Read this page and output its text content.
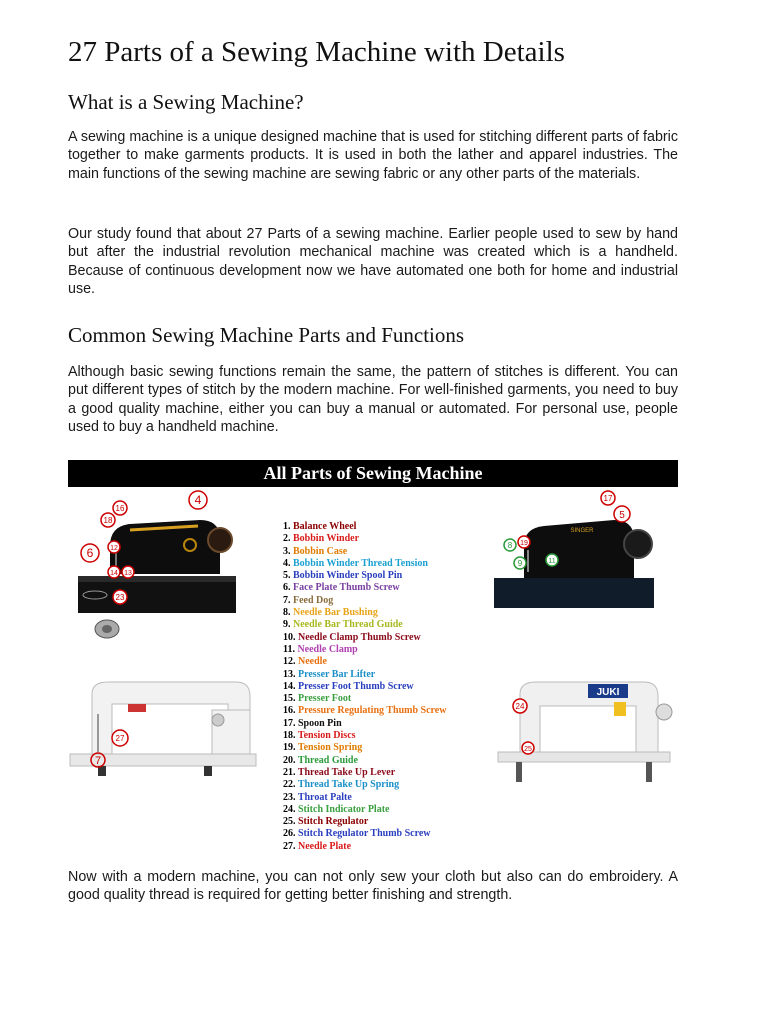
27 Parts of a Sewing Machine with Details
What is a Sewing Machine?

A sewing machine is a unique designed machine that is used for stitching different parts of fabric together to make garments products. It is used in both the lather and apparel industries. The main functions of the sewing machine are sewing fabric or any other parts of the materials.

Our study found that about 27 Parts of a sewing machine. Earlier people used to sew by hand but after the industrial revolution mechanical machine was created which is a handheld. Because of continuous development now we have automated one both for home and industrial use.

Common Sewing Machine Parts and Functions

Although basic sewing functions remain the same, the pattern of stitches is different. You can put different types of stitch by the modern machine. For well-finished garments, you need to buy a good quality machine, either you can buy a manual or automated. For personal use, people used to buy a handheld machine.

Now with a modern machine, you can not only sew your cloth but also can do embroidery. A good quality thread is required for getting better finishing and strength.

All Parts of Sewing Machine
16
4
18
6 12
14 13
23
SINGER
17
8 19
9	11
5
27
7
JUKI
24
25
1. Balance Wheel
2. Bobbin Winder
3. Bobbin Case
4. Bobbin Winder Thread Tension
5. Bobbin Winder Spool Pin
6. Face Plate Thumb Screw
7. Feed Dog
8. Needle Bar Bushing
9. Needle Bar Thread Guide
10. Needle Clamp Thumb Screw
11. Needle Clamp
12. Needle
13. Presser Bar Lifter
14. Presser Foot Thumb Screw
15. Presser Foot
16. Pressure Regulating Thumb Screw
17. Spoon Pin
18. Tension Discs
19. Tension Spring
20. Thread Guide
21. Thread Take Up Lever
22. Thread Take Up Spring
23. Throat Palte
24. Stitch Indicator Plate
25. Stitch Regulator
26. Stitch Regulator Thumb Screw
27. Needle Plate
